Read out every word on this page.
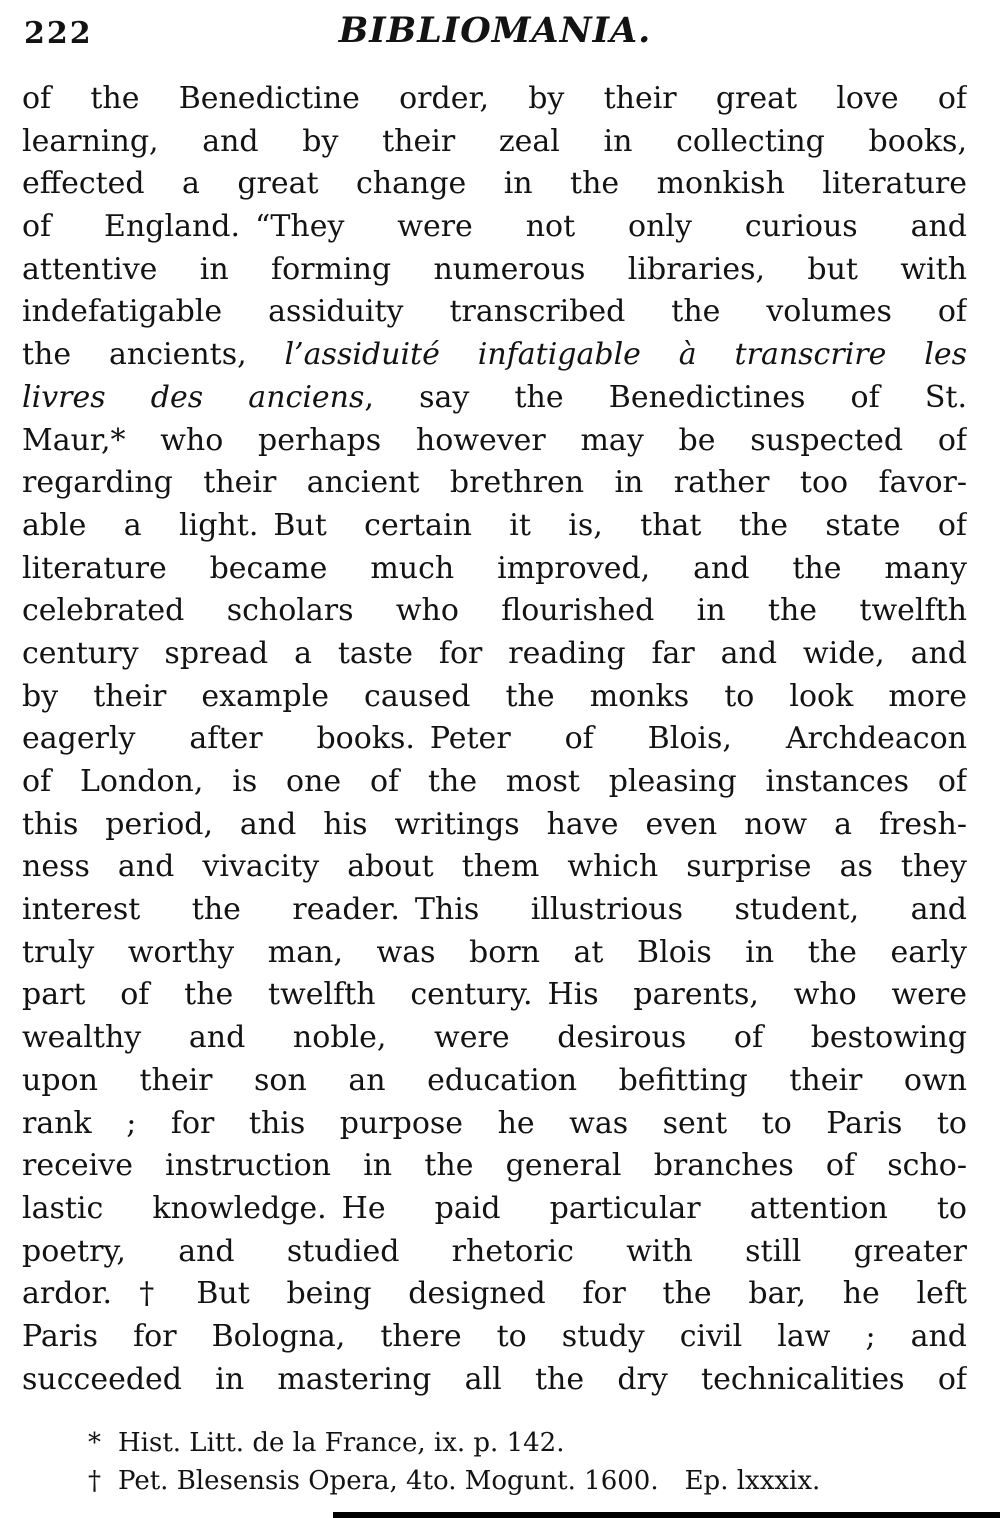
222	BIBLIOMANIA.
of the Benedictine order, by their great love of
learning, and by their zeal in collecting books,
effected a great change in the monkish literature
of England. “They were not only curious and
attentive in forming numerous libraries, but with
indefatigable assiduity transcribed the volumes of
the ancients, l’assiduité infatigable à transcrire les
livres des anciens, say the Benedictines of St.
Maur,* who perhaps however may be suspected of
regarding their ancient brethren in rather too favor-
able a light. But certain it is, that the state of
literature became much improved, and the many
celebrated scholars who flourished in the twelfth
century spread a taste for reading far and wide, and
by their example caused the monks to look more
eagerly after books. Peter of Blois, Archdeacon
of London, is one of the most pleasing instances of
this period, and his writings have even now a fresh-
ness and vivacity about them which surprise as they
interest the reader. This illustrious student, and
truly worthy man, was born at Blois in the early
part of the twelfth century. His parents, who were
wealthy and noble, were desirous of bestowing
upon their son an education befitting their own
rank ; for this purpose he was sent to Paris to
receive instruction in the general branches of scho-
lastic knowledge. He paid particular attention to
poetry, and studied rhetoric with still greater
ardor.† But being designed for the bar, he left
Paris for Bologna, there to study civil law ; and
succeeded in mastering all the dry technicalities of
* Hist. Litt. de la France, ix. p. 142.
† Pet. Blesensis Opera, 4to. Mogunt. 1600. Ep. lxxxix.
